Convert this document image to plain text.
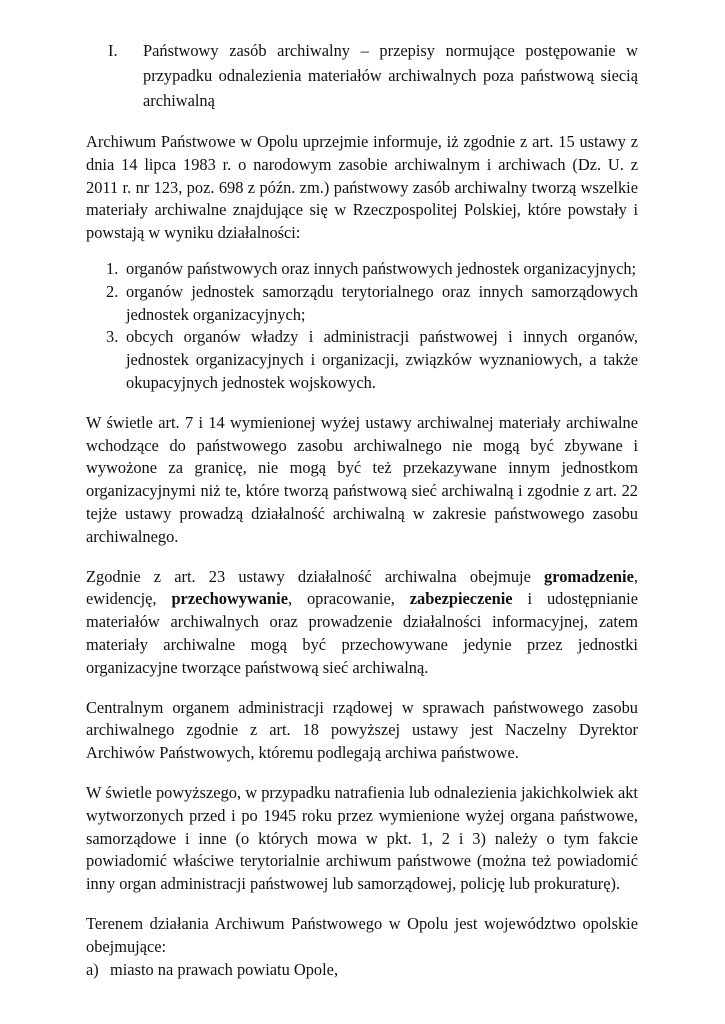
I. Państwowy zasób archiwalny – przepisy normujące postępowanie w przypadku odnalezienia materiałów archiwalnych poza państwową siecią archiwalną

Archiwum Państwowe w Opolu uprzejmie informuje, iż zgodnie z art. 15 ustawy z dnia 14 lipca 1983 r. o narodowym zasobie archiwalnym i archiwach (Dz. U. z 2011 r. nr 123, poz. 698 z późn. zm.) państwowy zasób archiwalny tworzą wszelkie materiały archiwalne znajdujące się w Rzeczpospolitej Polskiej, które powstały i powstają w wyniku działalności:

1. organów państwowych oraz innych państwowych jednostek organizacyjnych;
2. organów jednostek samorządu terytorialnego oraz innych samorządowych jednostek organizacyjnych;
3. obcych organów władzy i administracji państwowej i innych organów, jednostek organizacyjnych i organizacji, związków wyznaniowych, a także okupacyjnych jednostek wojskowych.

W świetle art. 7 i 14 wymienionej wyżej ustawy archiwalnej materiały archiwalne wchodzące do państwowego zasobu archiwalnego nie mogą być zbywane i wywożone za granicę, nie mogą być też przekazywane innym jednostkom organizacyjnymi niż te, które tworzą państwową sieć archiwalną i zgodnie z art. 22 tejże ustawy prowadzą działalność archiwalną w zakresie państwowego zasobu archiwalnego.

Zgodnie z art. 23 ustawy działalność archiwalna obejmuje gromadzenie, ewidencję, przechowywanie, opracowanie, zabezpieczenie i udostępnianie materiałów archiwalnych oraz prowadzenie działalności informacyjnej, zatem materiały archiwalne mogą być przechowywane jedynie przez jednostki organizacyjne tworzące państwową sieć archiwalną.

Centralnym organem administracji rządowej w sprawach państwowego zasobu archiwalnego zgodnie z art. 18 powyższej ustawy jest Naczelny Dyrektor Archiwów Państwowych, któremu podlegają archiwa państwowe.

W świetle powyższego, w przypadku natrafienia lub odnalezienia jakichkolwiek akt wytworzonych przed i po 1945 roku przez wymienione wyżej organa państwowe, samorządowe i inne (o których mowa w pkt. 1, 2 i 3) należy o tym fakcie powiadomić właściwe terytorialnie archiwum państwowe (można też powiadomić inny organ administracji państwowej lub samorządowej, policję lub prokuraturę).

Terenem działania Archiwum Państwowego w Opolu jest województwo opolskie obejmujące:

a) miasto na prawach powiatu Opole,
